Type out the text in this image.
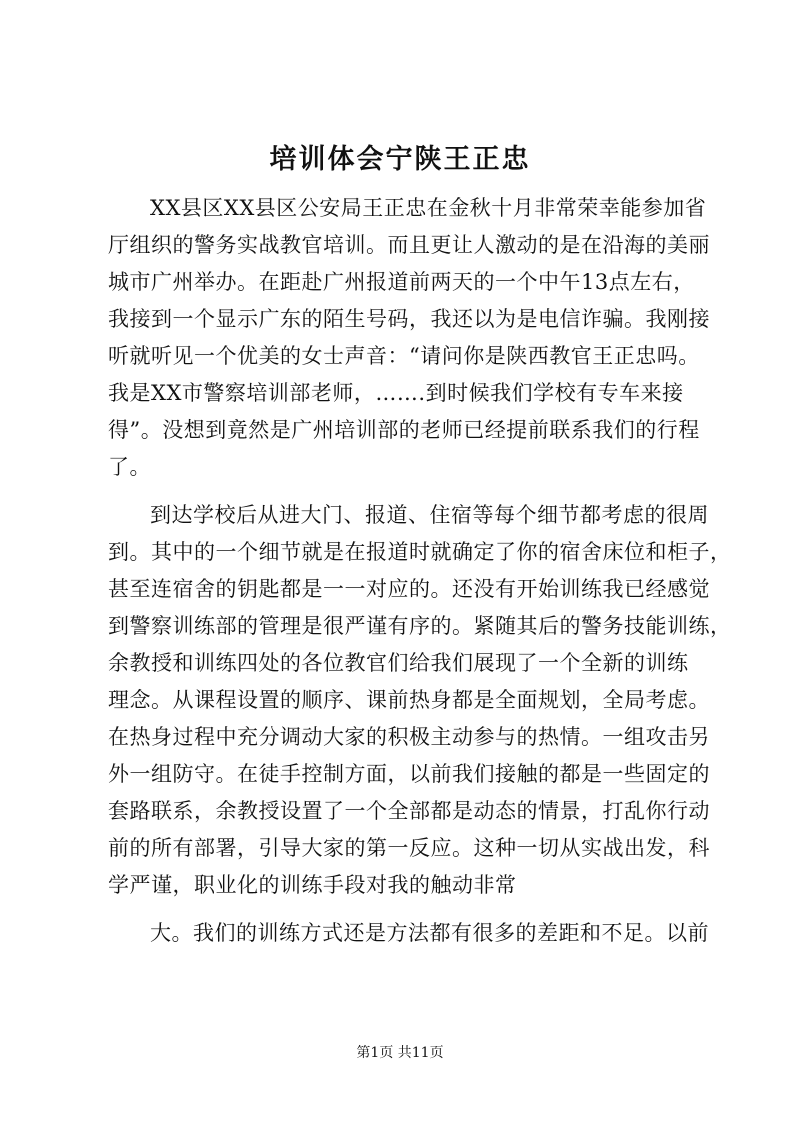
培训体会宁陕王正忠
XX县区XX县区公安局王正忠在金秋十月非常荣幸能参加省
厅组织的警务实战教官培训。而且更让人激动的是在沿海的美丽
城市广州举办。在距赴广州报道前两天的一个中午13点左右，
我接到一个显示广东的陌生号码，我还以为是电信诈骗。我刚接
听就听见一个优美的女士声音：“请问你是陕西教官王正忠吗。
我是XX市警察培训部老师，…….到时候我们学校有专车来接
得”。没想到竟然是广州培训部的老师已经提前联系我们的行程
了。
到达学校后从进大门、报道、住宿等每个细节都考虑的很周
到。其中的一个细节就是在报道时就确定了你的宿舍床位和柜子，
甚至连宿舍的钥匙都是一一对应的。还没有开始训练我已经感觉
到警察训练部的管理是很严谨有序的。紧随其后的警务技能训练，
余教授和训练四处的各位教官们给我们展现了一个全新的训练
理念。从课程设置的顺序、课前热身都是全面规划，全局考虑。
在热身过程中充分调动大家的积极主动参与的热情。一组攻击另
外一组防守。在徒手控制方面，以前我们接触的都是一些固定的
套路联系，余教授设置了一个全部都是动态的情景，打乱你行动
前的所有部署，引导大家的第一反应。这种一切从实战出发，科
学严谨，职业化的训练手段对我的触动非常
大。我们的训练方式还是方法都有很多的差距和不足。以前
第1页 共11页
